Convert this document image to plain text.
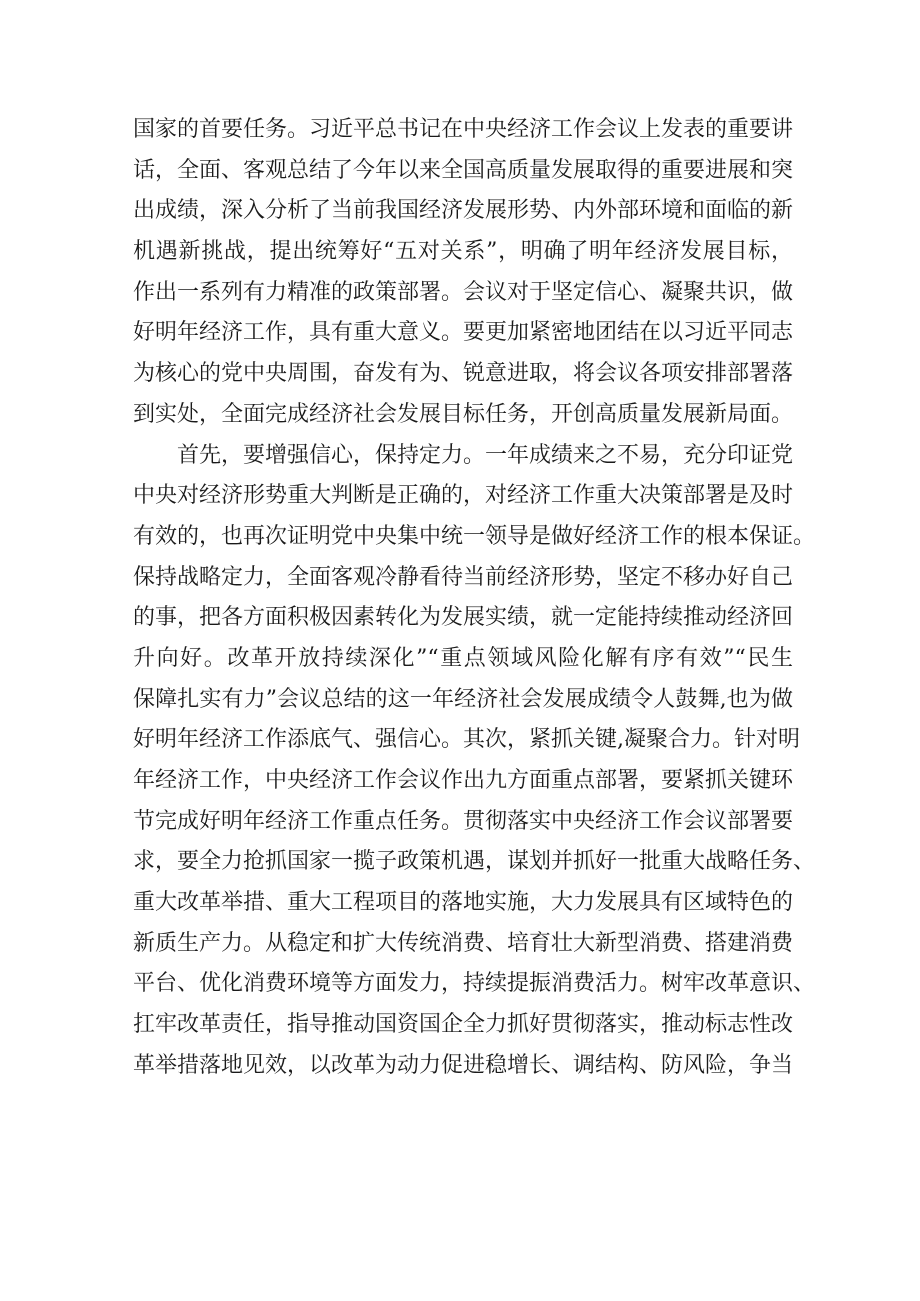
国家的首要任务。习近平总书记在中央经济工作会议上发表的重要讲
话，全面、客观总结了今年以来全国高质量发展取得的重要进展和突
出成绩，深入分析了当前我国经济发展形势、内外部环境和面临的新
机遇新挑战，提出统筹好“五对关系”，明确了明年经济发展目标，
作出一系列有力精准的政策部署。会议对于坚定信心、凝聚共识，做
好明年经济工作，具有重大意义。要更加紧密地团结在以习近平同志
为核心的党中央周围，奋发有为、锐意进取，将会议各项安排部署落
到实处，全面完成经济社会发展目标任务，开创高质量发展新局面。
首先，要增强信心，保持定力。一年成绩来之不易，充分印证党
中央对经济形势重大判断是正确的，对经济工作重大决策部署是及时
有效的，也再次证明党中央集中统一领导是做好经济工作的根本保证。
保持战略定力，全面客观冷静看待当前经济形势，坚定不移办好自己
的事，把各方面积极因素转化为发展实绩，就一定能持续推动经济回
升向好。改革开放持续深化”“重点领域风险化解有序有效”“民生
保障扎实有力”会议总结的这一年经济社会发展成绩令人鼓舞,也为做
好明年经济工作添底气、强信心。其次，紧抓关键,凝聚合力。针对明
年经济工作，中央经济工作会议作出九方面重点部署，要紧抓关键环
节完成好明年经济工作重点任务。贯彻落实中央经济工作会议部署要
求，要全力抢抓国家一揽子政策机遇，谋划并抓好一批重大战略任务、
重大改革举措、重大工程项目的落地实施，大力发展具有区域特色的
新质生产力。从稳定和扩大传统消费、培育壮大新型消费、搭建消费
平台、优化消费环境等方面发力，持续提振消费活力。树牢改革意识、
扛牢改革责任，指导推动国资国企全力抓好贯彻落实，推动标志性改
革举措落地见效，以改革为动力促进稳增长、调结构、防风险，争当
